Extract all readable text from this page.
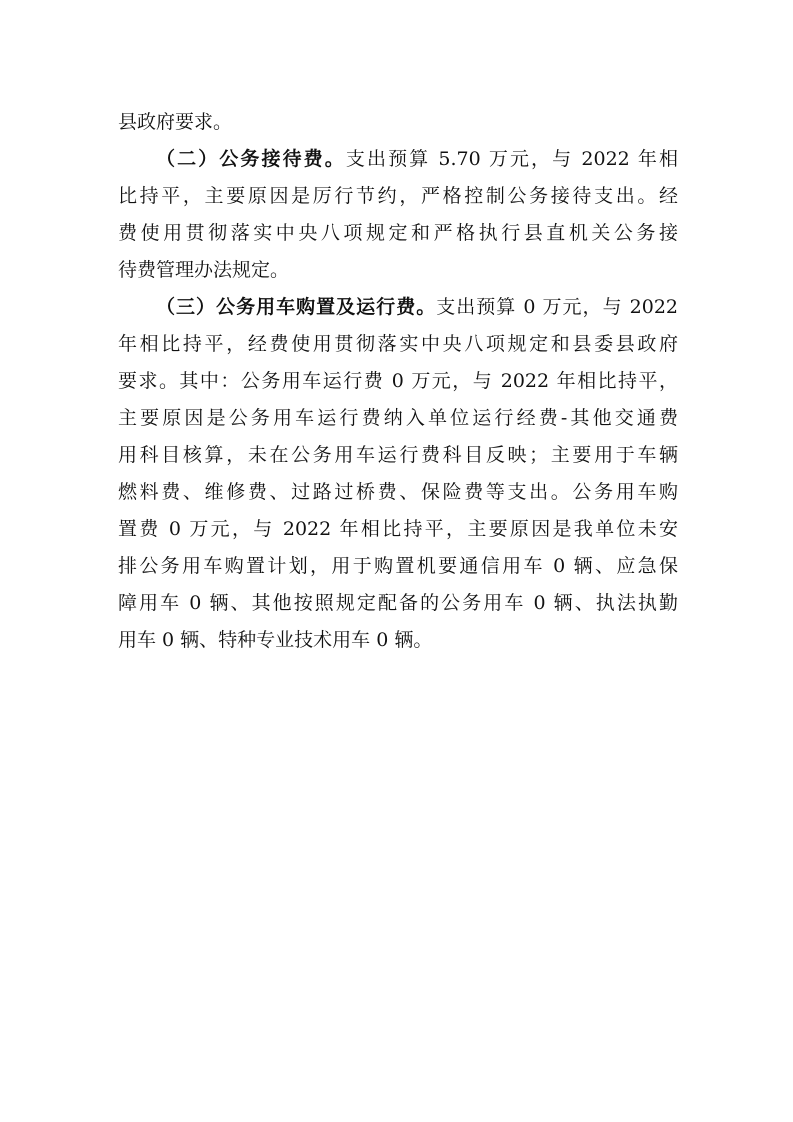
县政府要求。
（二）公务接待费。支出预算 5.70 万元，与 2022 年相
比持平，主要原因是厉行节约，严格控制公务接待支出。经
费使用贯彻落实中央八项规定和严格执行县直机关公务接
待费管理办法规定。
（三）公务用车购置及运行费。支出预算 0 万元，与 2022
年相比持平，经费使用贯彻落实中央八项规定和县委县政府
要求。其中：公务用车运行费 0 万元，与 2022 年相比持平，
主要原因是公务用车运行费纳入单位运行经费-其他交通费
用科目核算，未在公务用车运行费科目反映；主要用于车辆
燃料费、维修费、过路过桥费、保险费等支出。公务用车购
置费 0 万元，与 2022 年相比持平，主要原因是我单位未安
排公务用车购置计划，用于购置机要通信用车 0 辆、应急保
障用车 0 辆、其他按照规定配备的公务用车 0 辆、执法执勤
用车 0 辆、特种专业技术用车 0 辆。
